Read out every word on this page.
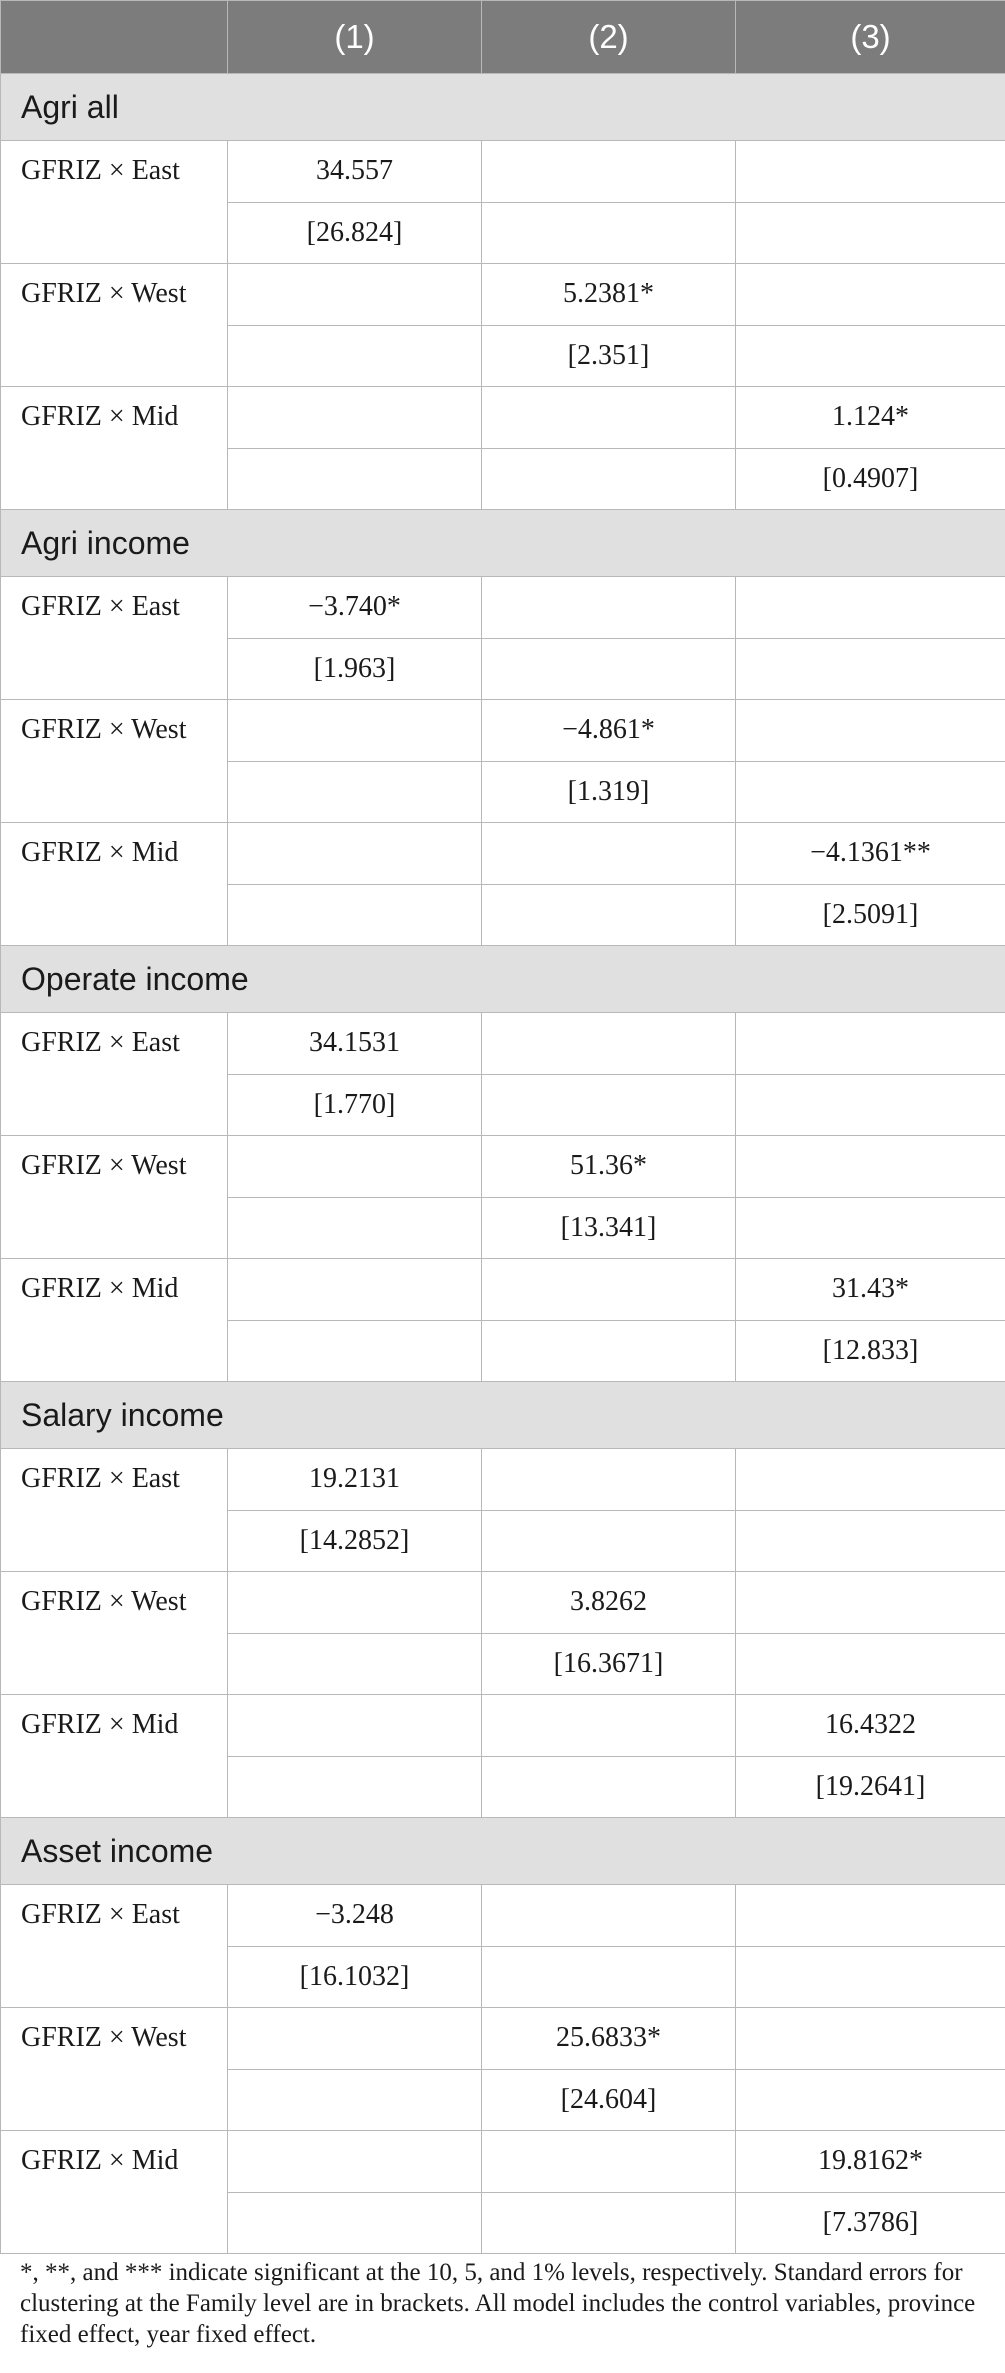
	(1)	(2)	(3)
Agri all			
GFRIZ × East	34.557		
	[26.824]		
GFRIZ × West		5.2381*	
		[2.351]	
GFRIZ × Mid			1.124*
			[0.4907]
Agri income			
GFRIZ × East	−3.740*		
	[1.963]		
GFRIZ × West		−4.861*	
		[1.319]	
GFRIZ × Mid			−4.1361**
			[2.5091]
Operate income			
GFRIZ × East	34.1531		
	[1.770]		
GFRIZ × West		51.36*	
		[13.341]	
GFRIZ × Mid			31.43*
			[12.833]
Salary income			
GFRIZ × East	19.2131		
	[14.2852]		
GFRIZ × West		3.8262	
		[16.3671]	
GFRIZ × Mid			16.4322
			[19.2641]
Asset income			
GFRIZ × East	−3.248		
	[16.1032]		
GFRIZ × West		25.6833*	
		[24.604]	
GFRIZ × Mid			19.8162*
			[7.3786]

*, **, and *** indicate significant at the 10, 5, and 1% levels, respectively. Standard errors for clustering at the Family level are in brackets. All model includes the control variables, province fixed effect, year fixed effect.
